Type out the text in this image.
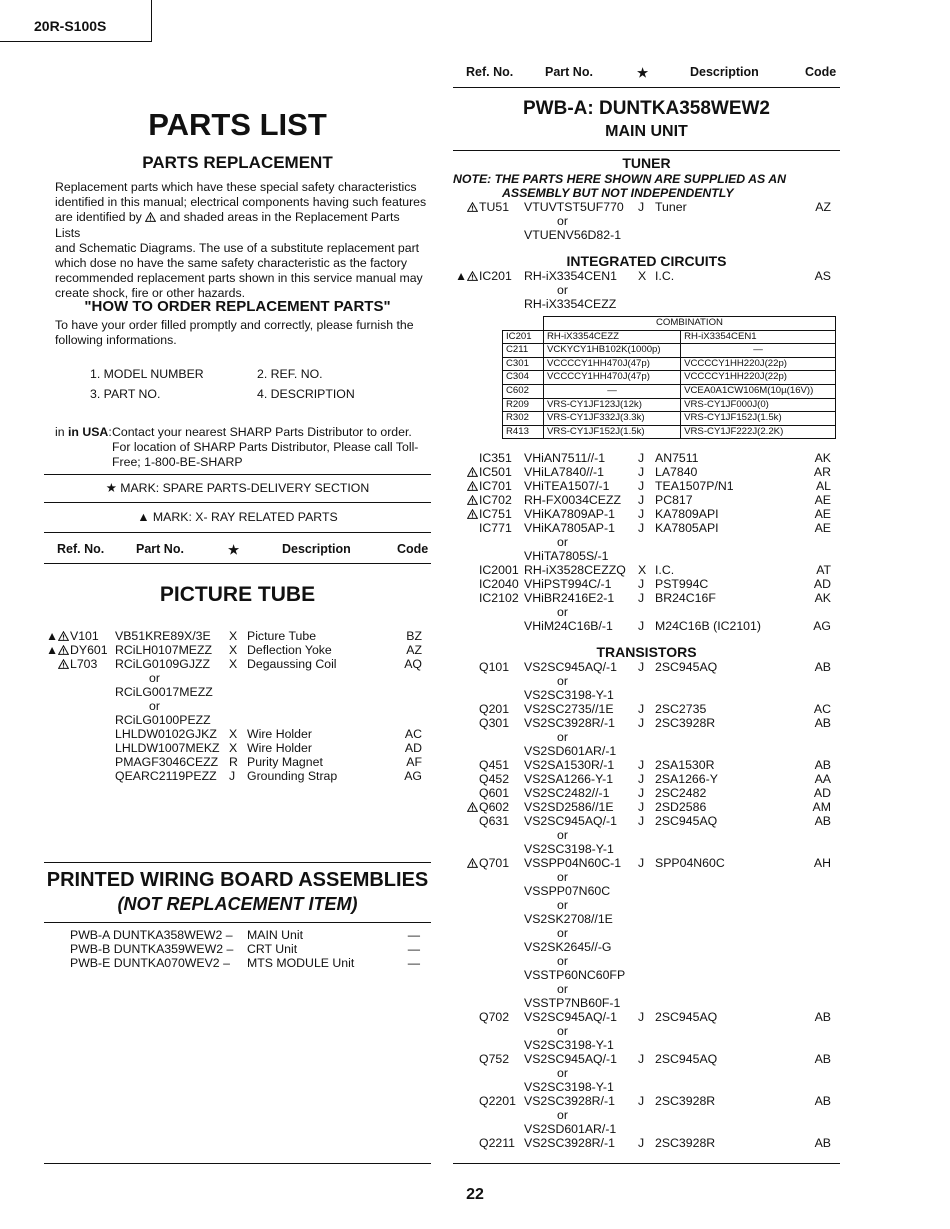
20R-S100S
Ref. No.	Part No.	★	Description	Code
PARTS LIST
PARTS REPLACEMENT
Replacement parts which have these special safety characteristics
identified in this manual; electrical components having such features
are identified by and shaded areas in the Replacement Parts Lists
and Schematic Diagrams. The use of a substitute replacement part
which dose no have the same safety characteristic as the factory
recommended replacement parts shown in this service manual may
create shock, fire or other hazards.
"HOW TO ORDER REPLACEMENT PARTS"
To have your order filled promptly and correctly, please furnish the
following informations.
1. MODEL NUMBER	2. REF. NO.
3. PART NO.	4. DESCRIPTION
in in USA: Contact your nearest SHARP Parts Distributor to order.
For location of SHARP Parts Distributor, Please call Toll-
Free; 1-800-BE-SHARP
★ MARK: SPARE PARTS-DELIVERY SECTION
▲ MARK: X- RAY RELATED PARTS
Ref. No.	Part No.	★	Description	Code
PICTURE TUBE
▲ V101 VB51KRE89X/3E X Picture Tube	BZ
▲ DY601 RCiLH0107MEZZ X Deflection Yoke	AZ
L703 RCiLG0109GJZZ X Degaussing Coil	AQ
or
RCiLG0017MEZZ
or
RCiLG0100PEZZ
LHLDW0102GJKZ X Wire Holder	AC
LHLDW1007MEKZ X Wire Holder	AD
PMAGF3046CEZZ R Purity Magnet	AF
QEARC2119PEZZ J Grounding Strap	AG
PRINTED WIRING BOARD ASSEMBLIES
(NOT REPLACEMENT ITEM)
PWB-A DUNTKA358WEW2 – MAIN Unit	—
PWB-B DUNTKA359WEW2 – CRT Unit	—
PWB-E DUNTKA070WEV2 – MTS MODULE Unit	—
PWB-A: DUNTKA358WEW2
MAIN UNIT
TUNER
NOTE: THE PARTS HERE SHOWN ARE SUPPLIED AS AN
ASSEMBLY BUT NOT INDEPENDENTLY
TU51 VTUVTST5UF770 J Tuner	AZ
or
VTUENV56D82-1
INTEGRATED CIRCUITS
▲ IC201 RH-iX3354CEN1 X I.C.	AS
or
RH-iX3354CEZZ
	COMBINATION	
IC201	RH-iX3354CEZZ	RH-iX3354CEN1
C211	VCKYCY1HB102K(1000p)	—
C301	VCCCCY1HH470J(47p)	VCCCCY1HH220J(22p)
C304	VCCCCY1HH470J(47p)	VCCCCY1HH220J(22p)
C602	—	VCEA0A1CW106M(10µ(16V))
R209	VRS-CY1JF123J(12k)	VRS-CY1JF000J(0)
R302	VRS-CY1JF332J(3.3k)	VRS-CY1JF152J(1.5k)
R413	VRS-CY1JF152J(1.5k)	VRS-CY1JF222J(2.2K)
IC351 VHiAN7511//-1	J AN7511	AK
IC501 VHiLA7840//-1	J LA7840	AR
IC701 VHiTEA1507/-1 J TEA1507P/N1	AL
IC702 RH-FX0034CEZZ J PC817	AE
IC751 VHiKA7809AP-1 J KA7809API	AE
IC771 VHiKA7805AP-1 J KA7805API	AE
or
VHiTA7805S/-1
IC2001 RH-iX3528CEZZQ X I.C.	AT
IC2040 VHiPST994C/-1 J PST994C	AD
IC2102 VHiBR2416E2-1 J BR24C16F	AK
or
VHiM24C16B/-1 J M24C16B (IC2101)	AG
TRANSISTORS
Q101 VS2SC945AQ/-1 J 2SC945AQ	AB
or
VS2SC3198-Y-1
Q201 VS2SC2735//1E J 2SC2735	AC
Q301 VS2SC3928R/-1 J 2SC3928R	AB
or
VS2SD601AR/-1
Q451 VS2SA1530R/-1 J 2SA1530R	AB
Q452 VS2SA1266-Y-1 J 2SA1266-Y	AA
Q601 VS2SC2482//-1 J 2SC2482	AD
Q602 VS2SD2586//1E J 2SD2586	AM
Q631 VS2SC945AQ/-1 J 2SC945AQ	AB
or
VS2SC3198-Y-1
Q701 VSSPP04N60C-1 J SPP04N60C	AH
or
VSSPP07N60C
or
VS2SK2708//1E
or
VS2SK2645//-G
or
VSSTP60NC60FP
or
VSSTP7NB60F-1
Q702 VS2SC945AQ/-1 J 2SC945AQ	AB
or
VS2SC3198-Y-1
Q752 VS2SC945AQ/-1 J 2SC945AQ	AB
or
VS2SC3198-Y-1
Q2201 VS2SC3928R/-1 J 2SC3928R	AB
or
VS2SD601AR/-1
Q2211 VS2SC3928R/-1 J 2SC3928R	AB
22
